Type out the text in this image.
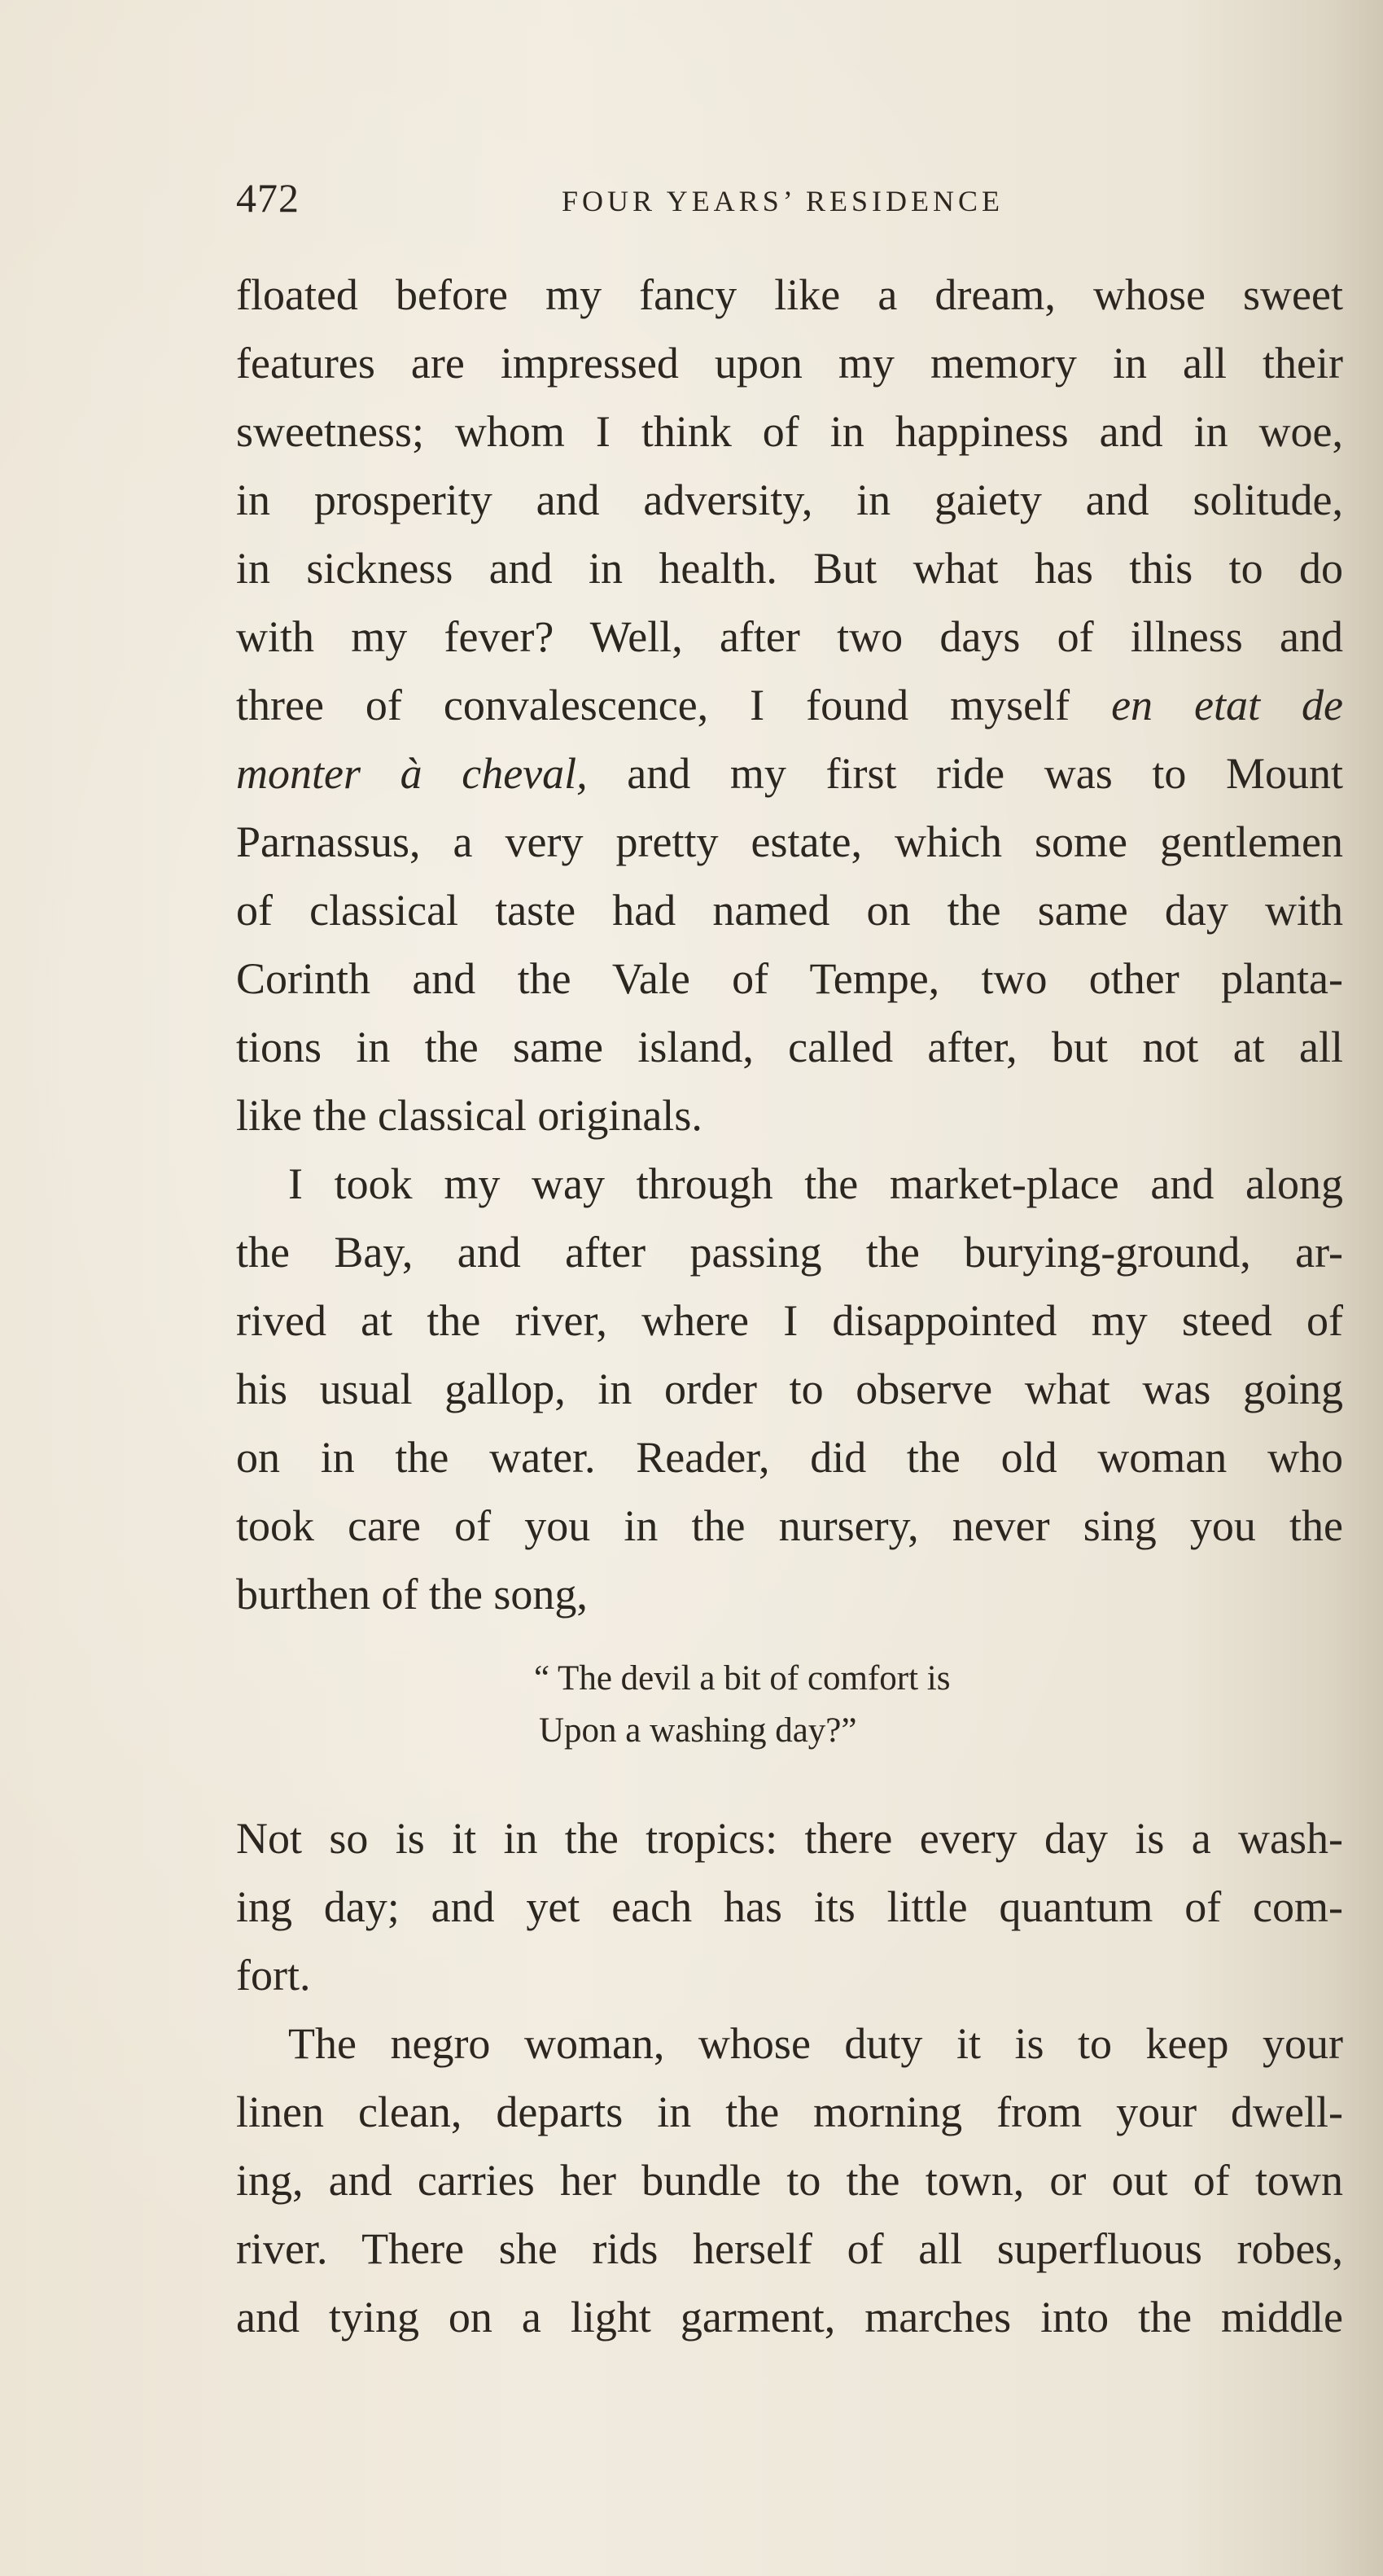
472	FOUR YEARS’ RESIDENCE
floated before my fancy like a dream, whose sweet
features are impressed upon my memory in all their
sweetness; whom I think of in happiness and in woe,
in prosperity and adversity, in gaiety and solitude,
in sickness and in health. But what has this to do
with my fever? Well, after two days of illness and
three of convalescence, I found myself en etat de
monter à cheval, and my first ride was to Mount
Parnassus, a very pretty estate, which some gentlemen
of classical taste had named on the same day with
Corinth and the Vale of Tempe, two other planta-
tions in the same island, called after, but not at all
like the classical originals.
I took my way through the market-place and along
the Bay, and after passing the burying-ground, ar-
rived at the river, where I disappointed my steed of
his usual gallop, in order to observe what was going
on in the water. Reader, did the old woman who
took care of you in the nursery, never sing you the
burthen of the song,
“ The devil a bit of comfort is
Upon a washing day?”
Not so is it in the tropics: there every day is a wash-
ing day; and yet each has its little quantum of com-
fort.
The negro woman, whose duty it is to keep your
linen clean, departs in the morning from your dwell-
ing, and carries her bundle to the town, or out of town
river. There she rids herself of all superfluous robes,
and tying on a light garment, marches into the middle
